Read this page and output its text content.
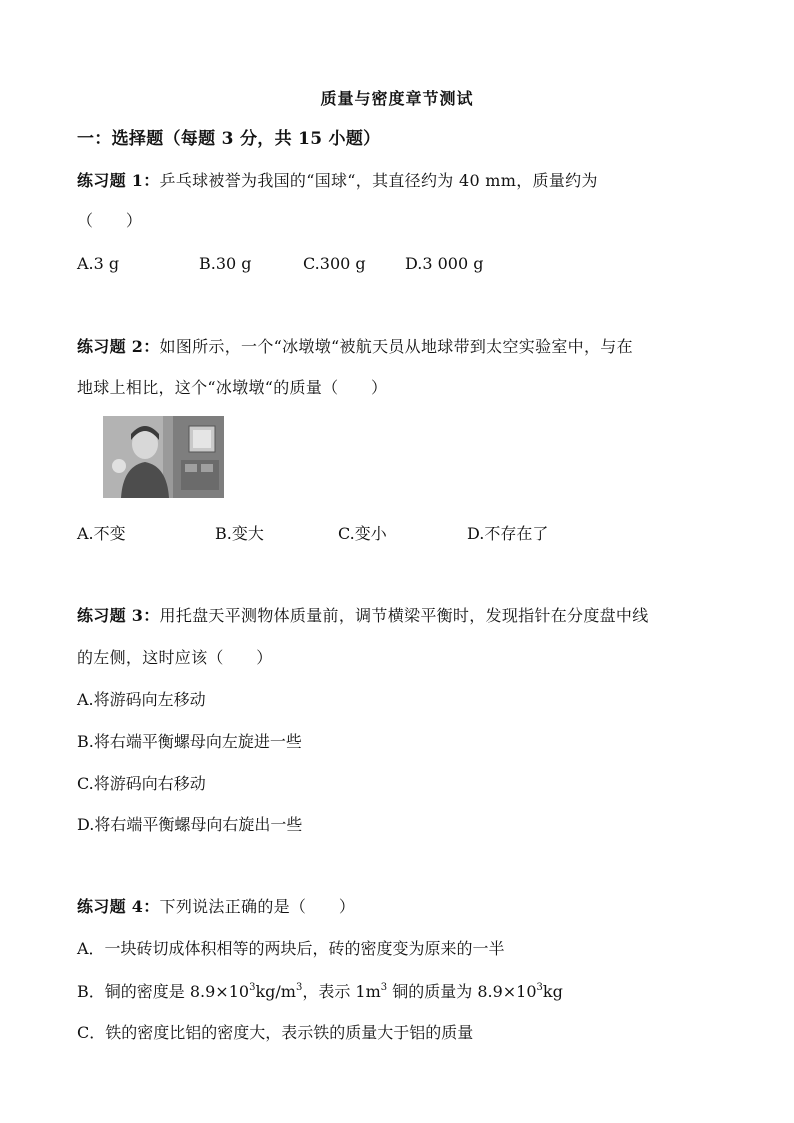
质量与密度章节测试
一：选择题（每题 3 分，共 15 小题）
练习题 1：乒乓球被誉为我国的“国球“，其直径约为 40 mm，质量约为
（　　）
A.3 g	B.30 g	C.300 g D.3 000 g
练习题 2：如图所示，一个“冰墩墩“被航天员从地球带到太空实验室中，与在
地球上相比，这个“冰墩墩“的质量（　　）
A.不变	B.变大	C.变小	D.不存在了
练习题 3：用托盘天平测物体质量前，调节横梁平衡时，发现指针在分度盘中线
的左侧，这时应该（　　）
A.将游码向左移动
B.将右端平衡螺母向左旋进一些
C.将游码向右移动
D.将右端平衡螺母向右旋出一些
练习题 4：下列说法正确的是（　　）
A．一块砖切成体积相等的两块后，砖的密度变为原来的一半
B．铜的密度是 $8.9\times 10^3kg/m^3$，表示 $1m^3$ 铜的质量为 $8.9\times 10^3kg$
C．铁的密度比铝的密度大，表示铁的质量大于铝的质量
